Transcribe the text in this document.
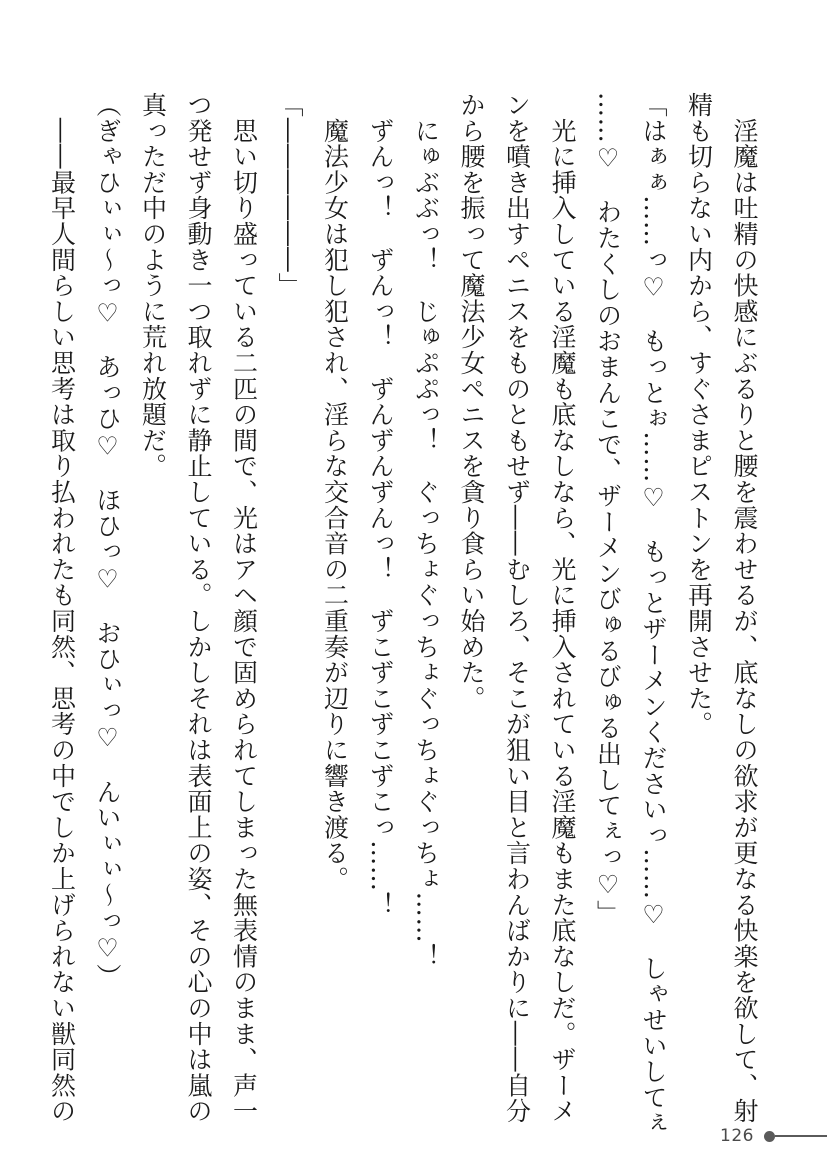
　淫魔は吐精の快感にぶるりと腰を震わせるが、底なしの欲求が更なる快楽を欲して、射
精も切らない内から、すぐさまピストンを再開させた。
「はぁぁ……っ♡　もっとぉ……♡　もっとザーメンくださいっ……♡　しゃせいしてぇ
……♡　わたくしのおまんこで、ザーメンびゅるびゅる出してぇっ♡」
　光に挿入している淫魔も底なしなら、光に挿入されている淫魔もまた底なしだ。ザーメ
ンを噴き出すペニスをものともせず――むしろ、そこが狙い目と言わんばかりに――自分
から腰を振って魔法少女ペニスを貪り食らい始めた。
　にゅぶぶっ！　じゅぷぷっ！　ぐっちょぐっちょぐっちょぐっちょ……！
　ずんっ！　ずんっ！　ずんずんずんっ！　ずこずこずこずこっ……！
　魔法少女は犯し犯され、淫らな交合音の二重奏が辺りに響き渡る。
「――――――」
　思い切り盛っている二匹の間で、光はアヘ顔で固められてしまった無表情のまま、声一
つ発せず身動き一つ取れずに静止している。しかしそれは表面上の姿、その心の中は嵐の
真っただ中のように荒れ放題だ。
（ぎゃひぃぃ～っ♡　あっひ♡　ほひっ♡　おひぃっ♡　んいぃぃ～っ♡）
　――最早人間らしい思考は取り払われたも同然、思考の中でしか上げられない獣同然の
126
